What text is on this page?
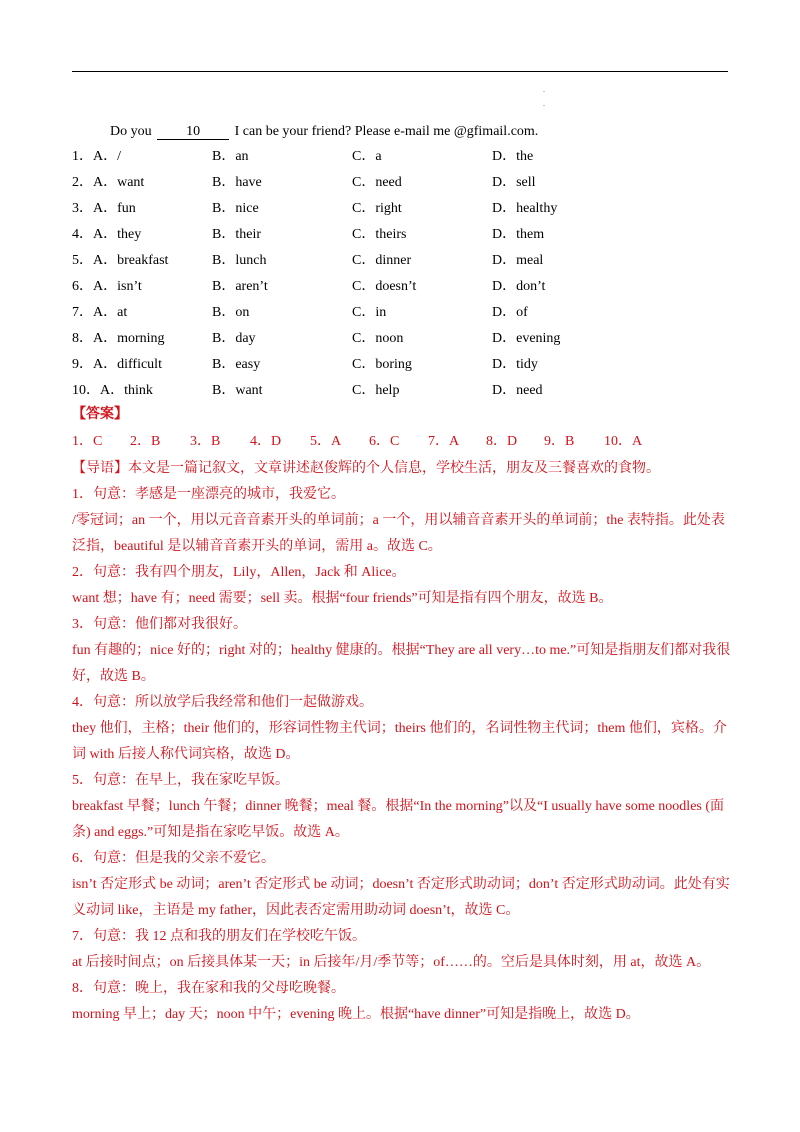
.
.
Do you 10 I can be your friend? Please e-mail me @gfimail.com.
1．A．/	B．an	C．a	D．the
2．A．want	B．have	C．need	D．sell
3．A．fun	B．nice	C．right	D．healthy
4．A．they	B．their	C．theirs	D．them
5．A．breakfast	B．lunch	C．dinner	D．meal
6．A．isn’t	B．aren’t	C．doesn’t	D．don’t
7．A．at	B．on	C．in	D．of
8．A．morning	B．day	C．noon	D．evening
9．A．difficult	B．easy	C．boring	D．tidy
10．A．think	B．want	C．help	D．need
【答案】
1．C 2．B 3．B 4．D 5．A 6．C 7．A 8．D 9．B 10．A

【导语】本文是一篇记叙文，文章讲述赵俊辉的个人信息，学校生活，朋友及三餐喜欢的食物。

1．句意：孝感是一座漂亮的城市，我爱它。

/零冠词；an 一个，用以元音音素开头的单词前；a 一个，用以辅音音素开头的单词前；the 表特指。此处表泛指，beautiful 是以辅音音素开头的单词，需用 a。故选 C。

2．句意：我有四个朋友，Lily，Allen，Jack 和 Alice。

want 想；have 有；need 需要；sell 卖。根据“four friends”可知是指有四个朋友，故选 B。

3．句意：他们都对我很好。

fun 有趣的；nice 好的；right 对的；healthy 健康的。根据“They are all very…to me.”可知是指朋友们都对我很好，故选 B。

4．句意：所以放学后我经常和他们一起做游戏。

they 他们，主格；their 他们的，形容词性物主代词；theirs 他们的，名词性物主代词；them 他们，宾格。介词 with 后接人称代词宾格，故选 D。

5．句意：在早上，我在家吃早饭。

breakfast 早餐；lunch 午餐；dinner 晚餐；meal 餐。根据“In the morning”以及“I usually have some noodles (面条) and eggs.”可知是指在家吃早饭。故选 A。

6．句意：但是我的父亲不爱它。

isn’t 否定形式 be 动词；aren’t 否定形式 be 动词；doesn’t 否定形式助动词；don’t 否定形式助动词。此处有实义动词 like，主语是 my father，因此表否定需用助动词 doesn’t，故选 C。

7．句意：我 12 点和我的朋友们在学校吃午饭。

at 后接时间点；on 后接具体某一天；in 后接年/月/季节等；of……的。空后是具体时刻，用 at，故选 A。

8．句意：晚上，我在家和我的父母吃晚餐。

morning 早上；day 天；noon 中午；evening 晚上。根据“have dinner”可知是指晚上，故选 D。
